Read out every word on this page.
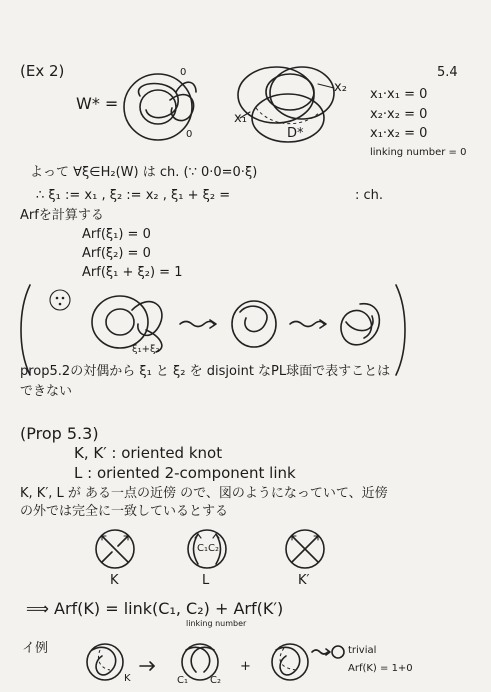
(Ex 2)	5.4
W* =
0
0
x₂
x₁
D*
x₁·x₁ = 0
x₂·x₂ = 0
x₁·x₂ = 0
linking number = 0
よって ∀ξ∈H₂(W) は ch. (∵ 0·0=0·ξ)
∴ ξ₁ := x₁ , ξ₂ := x₂ , ξ₁ + ξ₂ =	: ch.
Arfを計算する
Arf(ξ₁) = 0
Arf(ξ₂) = 0
Arf(ξ₁ + ξ₂) = 1
ξ₁+ξ₂
prop5.2の対偶から ξ₁ と ξ₂ を disjoint なPL球面で表すことは
できない
(Prop 5.3)
K, K′ : oriented knot
L : oriented 2-component link
K, K′, L が ある一点の近傍 ので、図のようになっていて、近傍
の外では完全に一致しているとする
K	L	K′
C₁ C₂
⟹ Arf(K) = link(C₁, C₂) + Arf(K′)
linking number
イ例
K	C₁ C₂
+
trivial
Arf(K) = 1+0
